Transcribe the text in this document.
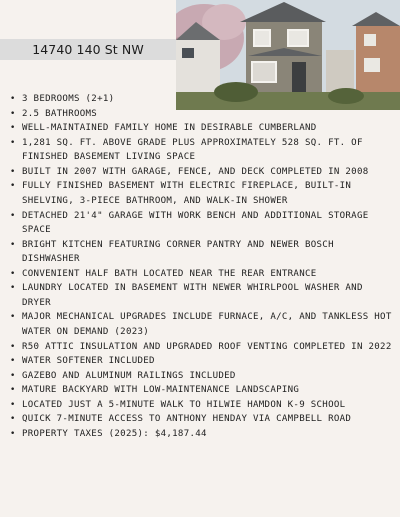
14740 140 St NW
• 3 BEDROOMS (2+1)
• 2.5 BATHROOMS
• WELL-MAINTAINED FAMILY HOME IN DESIRABLE CUMBERLAND
• 1,281 SQ. FT. ABOVE GRADE PLUS APPROXIMATELY 528 SQ. FT. OF FINISHED BASEMENT LIVING SPACE
• BUILT IN 2007 WITH GARAGE, FENCE, AND DECK COMPLETED IN 2008
• FULLY FINISHED BASEMENT WITH ELECTRIC FIREPLACE, BUILT-IN SHELVING, 3-PIECE BATHROOM, AND WALK-IN SHOWER
• DETACHED 21'4" GARAGE WITH WORK BENCH AND ADDITIONAL STORAGE SPACE
• BRIGHT KITCHEN FEATURING CORNER PANTRY AND NEWER BOSCH DISHWASHER
• CONVENIENT HALF BATH LOCATED NEAR THE REAR ENTRANCE
• LAUNDRY LOCATED IN BASEMENT WITH NEWER WHIRLPOOL WASHER AND DRYER
• MAJOR MECHANICAL UPGRADES INCLUDE FURNACE, A/C, AND TANKLESS HOT WATER ON DEMAND (2023)
• R50 ATTIC INSULATION AND UPGRADED ROOF VENTING COMPLETED IN 2022
• WATER SOFTENER INCLUDED
• GAZEBO AND ALUMINUM RAILINGS INCLUDED
• MATURE BACKYARD WITH LOW-MAINTENANCE LANDSCAPING
• LOCATED JUST A 5-MINUTE WALK TO HILWIE HAMDON K-9 SCHOOL
• QUICK 7-MINUTE ACCESS TO ANTHONY HENDAY VIA CAMPBELL ROAD
• PROPERTY TAXES (2025): $4,187.44
